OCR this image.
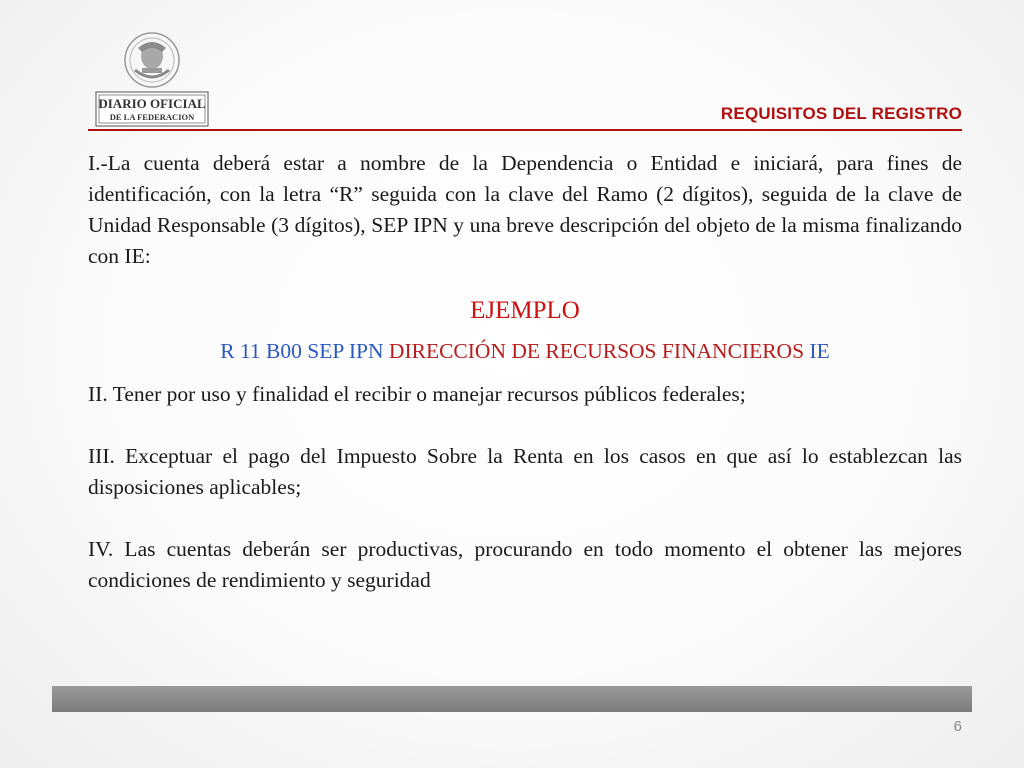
DIARIO OFICIAL
DE LA FEDERACION	REQUISITOS DEL REGISTRO

I.-La cuenta deberá estar a nombre de la Dependencia o Entidad e iniciará, para fines de identificación, con la letra “R” seguida con la clave del Ramo (2 dígitos), seguida de la clave de Unidad Responsable (3 dígitos), SEP IPN y una breve descripción del objeto de la misma finalizando con IE:

EJEMPLO

R 11 B00 SEP IPN DIRECCIÓN DE RECURSOS FINANCIEROS IE

II. Tener por uso y finalidad el recibir o manejar recursos públicos federales;

III. Exceptuar el pago del Impuesto Sobre la Renta en los casos en que así lo establezcan las disposiciones aplicables;

IV. Las cuentas deberán ser productivas, procurando en todo momento el obtener las mejores condiciones de rendimiento y seguridad

6
